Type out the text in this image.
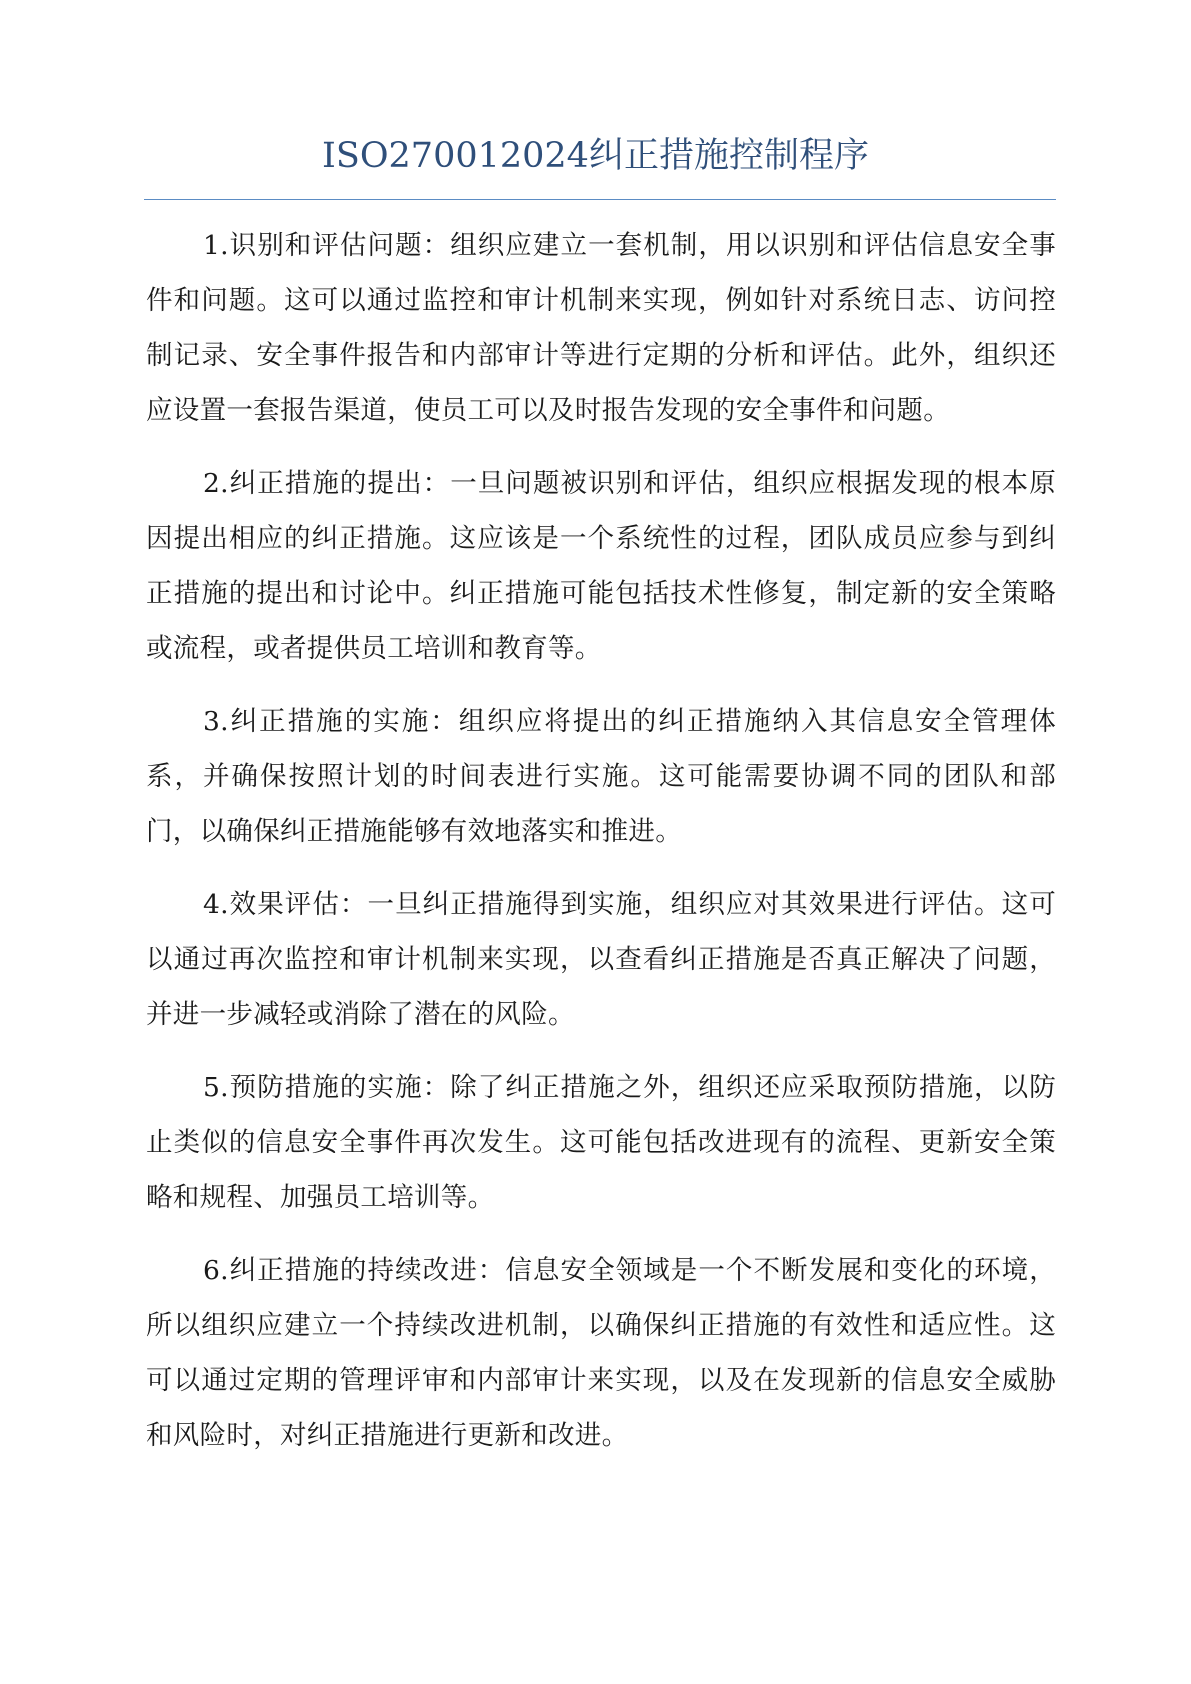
ISO270012024纠正措施控制程序

1.识别和评估问题：组织应建立一套机制，用以识别和评估信息安全事件和问题。这可以通过监控和审计机制来实现，例如针对系统日志、访问控制记录、安全事件报告和内部审计等进行定期的分析和评估。此外，组织还应设置一套报告渠道，使员工可以及时报告发现的安全事件和问题。

2.纠正措施的提出：一旦问题被识别和评估，组织应根据发现的根本原因提出相应的纠正措施。这应该是一个系统性的过程，团队成员应参与到纠正措施的提出和讨论中。纠正措施可能包括技术性修复，制定新的安全策略或流程，或者提供员工培训和教育等。

3.纠正措施的实施：组织应将提出的纠正措施纳入其信息安全管理体系，并确保按照计划的时间表进行实施。这可能需要协调不同的团队和部门，以确保纠正措施能够有效地落实和推进。

4.效果评估：一旦纠正措施得到实施，组织应对其效果进行评估。这可以通过再次监控和审计机制来实现，以查看纠正措施是否真正解决了问题，并进一步减轻或消除了潜在的风险。

5.预防措施的实施：除了纠正措施之外，组织还应采取预防措施，以防止类似的信息安全事件再次发生。这可能包括改进现有的流程、更新安全策略和规程、加强员工培训等。

6.纠正措施的持续改进：信息安全领域是一个不断发展和变化的环境，所以组织应建立一个持续改进机制，以确保纠正措施的有效性和适应性。这可以通过定期的管理评审和内部审计来实现，以及在发现新的信息安全威胁和风险时，对纠正措施进行更新和改进。
